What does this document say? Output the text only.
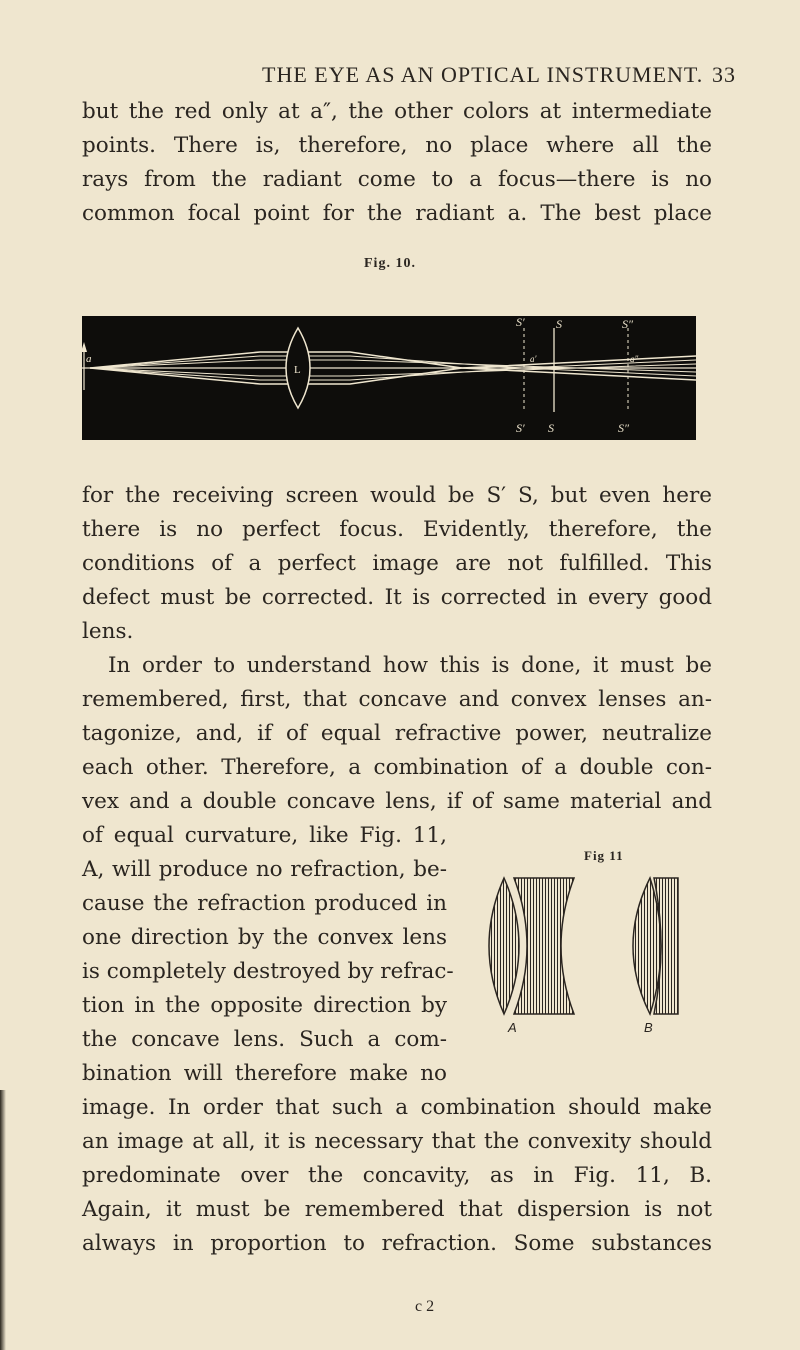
THE EYE AS AN OPTICAL INSTRUMENT. 33
but the red only at a″, the other colors at intermediate
points. There is, therefore, no place where all the
rays from the radiant come to a focus—there is no
common focal point for the radiant a. The best place
Fig. 10.
a
L
S′	S	S″
S′ S	S″
a′	a″
for the receiving screen would be S′ S, but even here
there is no perfect focus. Evidently, therefore, the
conditions of a perfect image are not fulfilled. This
defect must be corrected. It is corrected in every good
lens.
In order to understand how this is done, it must be
remembered, first, that concave and convex lenses an-
tagonize, and, if of equal refractive power, neutralize
each other. Therefore, a combination of a double con-
vex and a double concave lens, if of same material and
of equal curvature, like Fig. 11,
A, will produce no refraction, be-
cause the refraction produced in
one direction by the convex lens
is completely destroyed by refrac-
tion in the opposite direction by
the concave lens. Such a com-
bination will therefore make no
Fig 11
A	B
image. In order that such a combination should make
an image at all, it is necessary that the convexity should
predominate over the concavity, as in Fig. 11, B.
Again, it must be remembered that dispersion is not
always in proportion to refraction. Some substances
c 2
